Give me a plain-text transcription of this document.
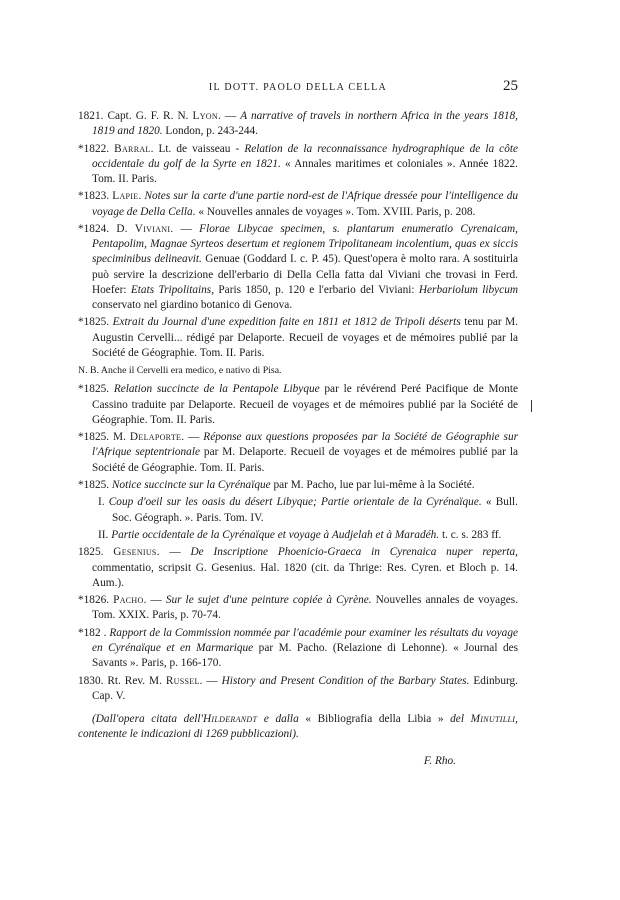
IL DOTT. PAOLO DELLA CELLA	25

1821. Capt. G. F. R. N. Lyon. — A narrative of travels in northern Africa in the years 1818, 1819 and 1820. London, p. 243-244.

*1822. Barral. Lt. de vaisseau - Relation de la reconnaissance hydrographique de la côte occidentale du golf de la Syrte en 1821. « Annales maritimes et coloniales ». Année 1822. Tom. II. Paris.

*1823. Lapie. Notes sur la carte d'une partie nord-est de l'Afrique dressée pour l'intelligence du voyage de Della Cella. « Nouvelles annales de voyages ». Tom. XVIII. Paris, p. 208.

*1824. D. Viviani. — Florae Libycae specimen, s. plantarum enumeratio Cyrenaicam, Pentapolim, Magnae Syrteos desertum et regionem Tripolitaneam incolentium, quas ex siccis speciminibus delineavit. Genuae (Goddard I. c. P. 45). Quest'opera è molto rara. A sostituirla può servire la descrizione dell'erbario di Della Cella fatta dal Viviani che trovasi in Ferd. Hoefer: Etats Tripolitains, Paris 1850, p. 120 e l'erbario del Viviani: Herbariolum libycum conservato nel giardino botanico di Genova.

*1825. Extrait du Journal d'une expedition faite en 1811 et 1812 de Tripoli déserts tenu par M. Augustin Cervelli... rédigé par Delaporte. Recueil de voyages et de mémoires publié par la Société de Géographie. Tom. II. Paris.

N. B. Anche il Cervelli era medico, e nativo di Pisa.

*1825. Relation succincte de la Pentapole Libyque par le révérend Peré Pacifique de Monte Cassino traduite par Delaporte. Recueil de voyages et de mémoires publié par la Société de Géographie. Tom. II. Paris.

*1825. M. Delaporte. — Réponse aux questions proposées par la Société de Géographie sur l'Afrique septentrionale par M. Delaporte. Recueil de voyages et de mémoires publié par la Société de Géographie. Tom. II. Paris.

*1825. Notice succincte sur la Cyrénaïque par M. Pacho, lue par lui-même à la Société.

I. Coup d'oeil sur les oasis du désert Libyque; Partie orientale de la Cyrénaïque. « Bull. Soc. Géograph. ». Paris. Tom. IV.

II. Partie occidentale de la Cyrénaïque et voyage à Audjelah et à Maradéh. t. c. s. 283 ff.

1825. Gesenius. — De Inscriptione Phoenicio-Graeca in Cyrenaica nuper reperta, commentatio, scripsit G. Gesenius. Hal. 1820 (cit. da Thrige: Res. Cyren. et Bloch p. 14. Aum.).

*1826. Pacho. — Sur le sujet d'une peinture copiée à Cyrène. Nouvelles annales de voyages. Tom. XXIX. Paris, p. 70-74.

*182 . Rapport de la Commission nommée par l'académie pour examiner les résultats du voyage en Cyrénaïque et en Marmarique par M. Pacho. (Relazione di Lehonne). « Journal des Savants ». Paris, p. 166-170.

1830. Rt. Rev. M. Russel. — History and Present Condition of the Barbary States. Edinburg. Cap. V.

(Dall'opera citata dell'Hilderandt e dalla « Bibliografia della Libia » del Minutilli, contenente le indicazioni di 1269 pubblicazioni).

F. Rho.
